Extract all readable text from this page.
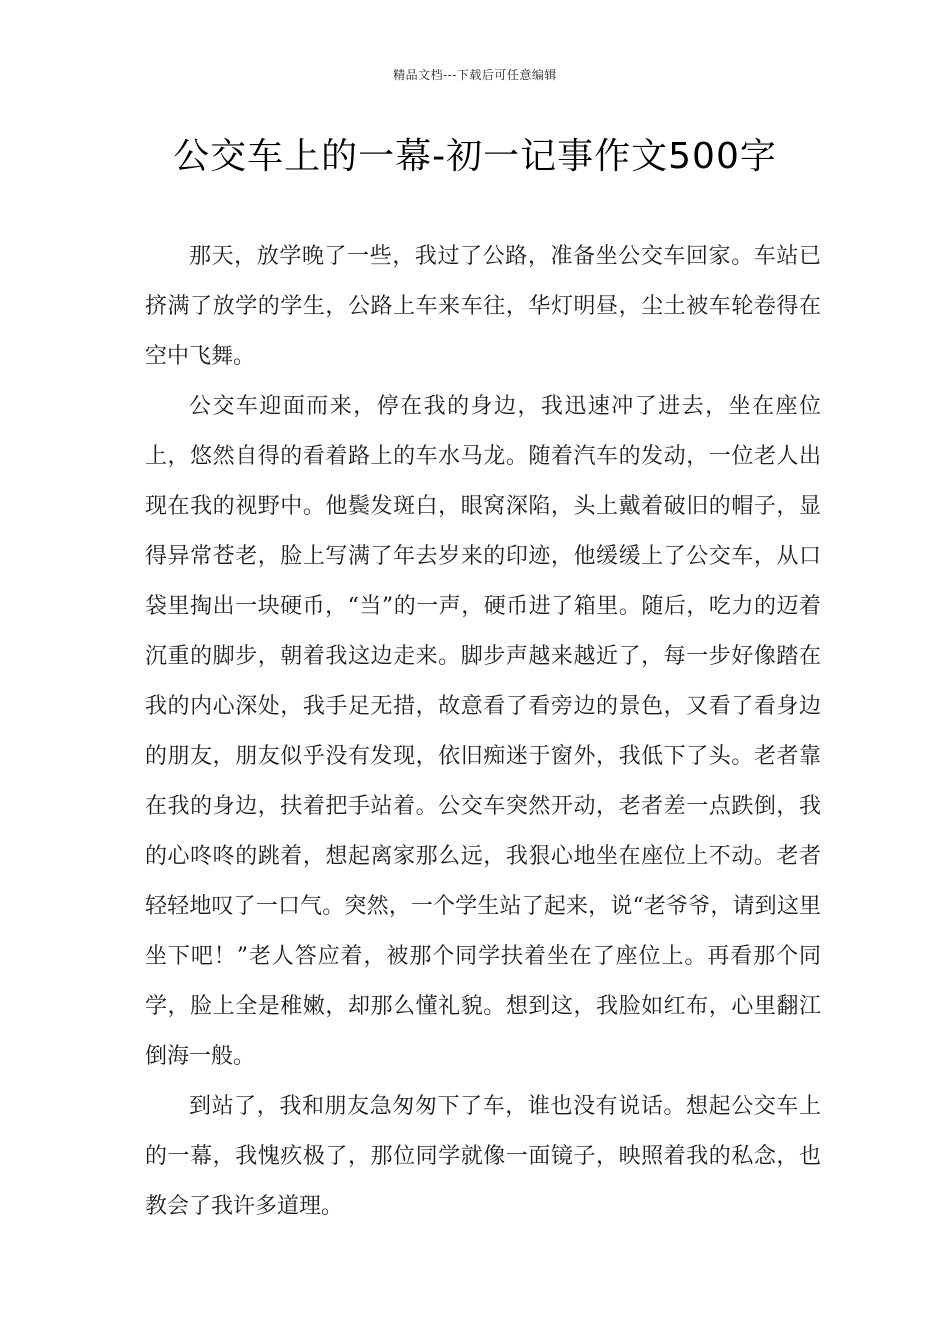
精品文档---下载后可任意编辑
公交车上的一幕-初一记事作文500字

那天，放学晚了一些，我过了公路，准备坐公交车回家。车站已挤满了放学的学生，公路上车来车往，华灯明昼，尘土被车轮卷得在空中飞舞。

公交车迎面而来，停在我的身边，我迅速冲了进去，坐在座位上，悠然自得的看着路上的车水马龙。随着汽车的发动，一位老人出现在我的视野中。他鬓发斑白，眼窝深陷，头上戴着破旧的帽子，显得异常苍老，脸上写满了年去岁来的印迹，他缓缓上了公交车，从口袋里掏出一块硬币，“当”的一声，硬币进了箱里。随后，吃力的迈着沉重的脚步，朝着我这边走来。脚步声越来越近了，每一步好像踏在我的内心深处，我手足无措，故意看了看旁边的景色，又看了看身边的朋友，朋友似乎没有发现，依旧痴迷于窗外，我低下了头。老者靠在我的身边，扶着把手站着。公交车突然开动，老者差一点跌倒，我的心咚咚的跳着，想起离家那么远，我狠心地坐在座位上不动。老者轻轻地叹了一口气。突然，一个学生站了起来，说“老爷爷，请到这里坐下吧！”老人答应着，被那个同学扶着坐在了座位上。再看那个同学，脸上全是稚嫩，却那么懂礼貌。想到这，我脸如红布，心里翻江倒海一般。

到站了，我和朋友急匆匆下了车，谁也没有说话。想起公交车上的一幕，我愧疚极了，那位同学就像一面镜子，映照着我的私念，也教会了我许多道理。
